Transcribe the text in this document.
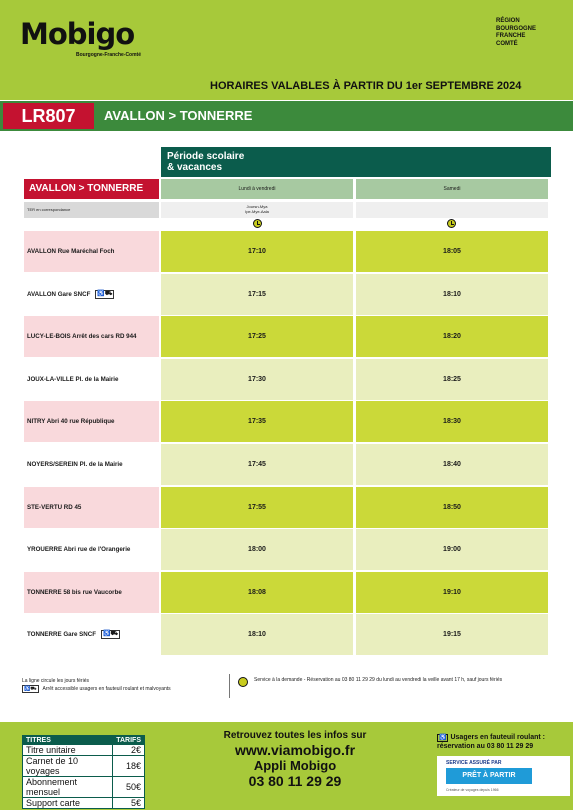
Mobigo
Bourgogne-Franche-Comté
RÉGION
BOURGOGNE
FRANCHE
COMTÉ
HORAIRES VALABLES À PARTIR DU 1er SEPTEMBRE 2024
LR807	AVALLON > TONNERRE
Période scolaire
& vacances
AVALLON > TONNERRE	Lundi à vendredi	Samedi
TER en correspondance
Joursn-Mya
Ipe-Mye-Aala
AVALLON Rue Maréchal Foch	17:10	18:05
AVALLON Gare SNCF	♿⛟	17:15	18:10
LUCY-LE-BOIS Arrêt des cars RD 944	17:25	18:20
JOUX-LA-VILLE Pl. de la Mairie	17:30	18:25
NITRY Abri 40 rue République	17:35	18:30
NOYERS/SEREIN Pl. de la Mairie	17:45	18:40
STE-VERTU RD 45	17:55	18:50
YROUERRE Abri rue de l'Orangerie	18:00	19:00
TONNERRE 58 bis rue Vaucorbe	18:08	19:10
TONNERRE Gare SNCF	♿⛟	18:10	19:15
La ligne circule les jours fériés
♿⛟	Arrêt accessible usagers en fauteuil roulant et malvoyants
Service à la demande - Réservation au 03 80 11 29 29 du lundi au vendredi la veille avant 17 h, sauf jours fériés
TITRES	TARIFS
Titre unitaire	2€
Carnet de 10 voyages	18€
Abonnement mensuel	50€
Support carte	5€
Retrouvez toutes les infos sur
www.viamobigo.fr
Appli Mobigo
03 80 11 29 29
♿ Usagers en fauteuil roulant :
réservation au 03 80 11 29 29
SERVICE ASSURÉ PAR
PRÊT À PARTIR
Créateur de voyages depuis 1966
